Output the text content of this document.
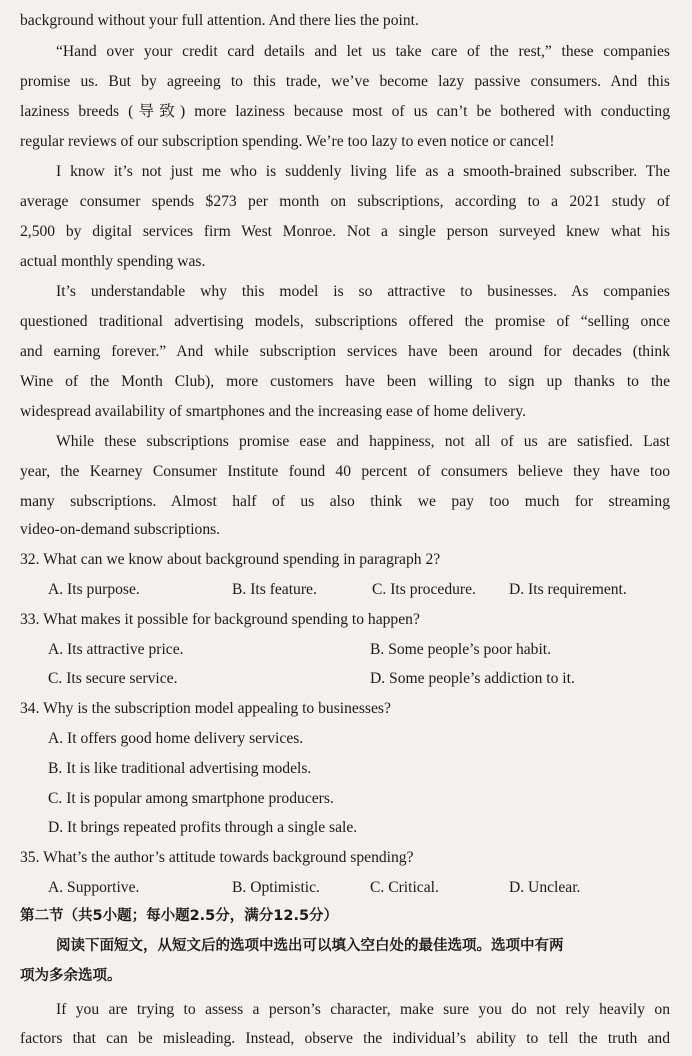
background without your full attention. And there lies the point.
“Hand over your credit card details and let us take care of the rest,” these companies
promise us. But by agreeing to this trade, we’ve become lazy passive consumers. And this
laziness breeds (导致) more laziness because most of us can’t be bothered with conducting
regular reviews of our subscription spending. We’re too lazy to even notice or cancel!
I know it’s not just me who is suddenly living life as a smooth-brained subscriber. The
average consumer spends $273 per month on subscriptions, according to a 2021 study of
2,500 by digital services firm West Monroe. Not a single person surveyed knew what his
actual monthly spending was.
It’s understandable why this model is so attractive to businesses. As companies
questioned traditional advertising models, subscriptions offered the promise of “selling once
and earning forever.” And while subscription services have been around for decades (think
Wine of the Month Club), more customers have been willing to sign up thanks to the
widespread availability of smartphones and the increasing ease of home delivery.
While these subscriptions promise ease and happiness, not all of us are satisfied. Last
year, the Kearney Consumer Institute found 40 percent of consumers believe they have too
many subscriptions. Almost half of us also think we pay too much for streaming
video-on-demand subscriptions.
32. What can we know about background spending in paragraph 2?
A. Its purpose.	B. Its feature.	C. Its procedure. D. Its requirement.
33. What makes it possible for background spending to happen?
A. Its attractive price.	B. Some people’s poor habit.
C. Its secure service.	D. Some people’s addiction to it.
34. Why is the subscription model appealing to businesses?
A. It offers good home delivery services.
B. It is like traditional advertising models.
C. It is popular among smartphone producers.
D. It brings repeated profits through a single sale.
35. What’s the author’s attitude towards background spending?
A. Supportive.	B. Optimistic.	C. Critical.	D. Unclear.
第二节（共5小题；每小题2.5分，满分12.5分）
阅读下面短文，从短文后的选项中选出可以填入空白处的最佳选项。选项中有两
项为多余选项。
If you are trying to assess a person’s character, make sure you do not rely heavily on
factors that can be misleading. Instead, observe the individual’s ability to tell the truth and
